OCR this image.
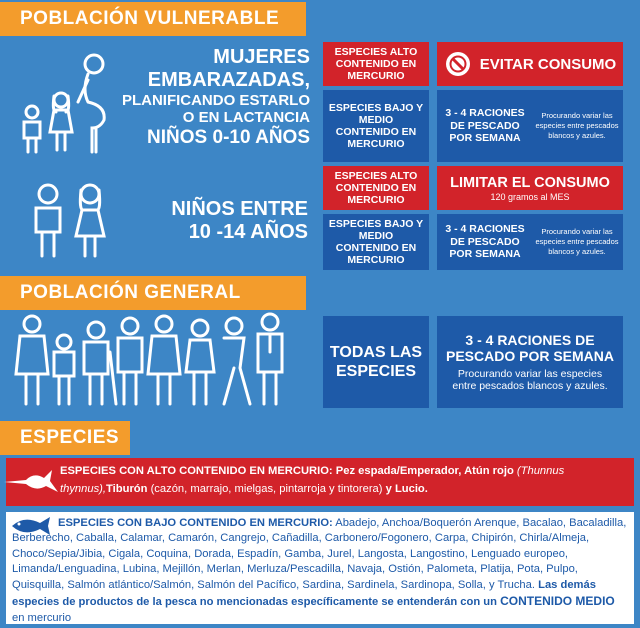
POBLACIÓN VULNERABLE
MUJERES
EMBARAZADAS,
PLANIFICANDO ESTARLO
O EN LACTANCIA
NIÑOS 0-10 AÑOS
ESPECIES ALTO CONTENIDO EN MERCURIO
EVITAR CONSUMO
ESPECIES BAJO Y MEDIO CONTENIDO EN MERCURIO
3 - 4 RACIONES DE PESCADO POR SEMANA
Procurando variar las especies entre pescados blancos y azules.
NIÑOS ENTRE
10 -14 AÑOS
ESPECIES ALTO CONTENIDO EN MERCURIO
LIMITAR EL CONSUMO
120 gramos al MES
ESPECIES BAJO Y MEDIO CONTENIDO EN MERCURIO
3 - 4 RACIONES DE PESCADO POR SEMANA
Procurando variar las especies entre pescados blancos y azules.
POBLACIÓN GENERAL
TODAS LAS ESPECIES
3 - 4 RACIONES DE PESCADO POR SEMANA
Procurando variar las especies entre pescados blancos y azules.
ESPECIES
ESPECIES CON ALTO CONTENIDO EN MERCURIO: Pez espada/Emperador, Atún rojo (Thunnus thynnus),Tiburón (cazón, marrajo, mielgas, pintarroja y tintorera) y Lucio.
ESPECIES CON BAJO CONTENIDO EN MERCURIO: Abadejo, Anchoa/Boquerón Arenque, Bacalao, Bacaladilla, Berberecho, Caballa, Calamar, Camarón, Cangrejo, Cañadilla, Carbonero/Fogonero, Carpa, Chipirón, Chirla/Almeja, Choco/Sepia/Jibia, Cigala, Coquina, Dorada, Espadín, Gamba, Jurel, Langosta, Langostino, Lenguado europeo, Limanda/Lenguadina, Lubina, Mejillón, Merlan, Merluza/Pescadilla, Navaja, Ostión, Palometa, Platija, Pota, Pulpo, Quisquilla, Salmón atlántico/Salmón, Salmón del Pacífico, Sardina, Sardinela, Sardinopa, Solla, y Trucha. Las demás especies de productos de la pesca no mencionadas específicamente se entenderán con un CONTENIDO MEDIO en mercurio
